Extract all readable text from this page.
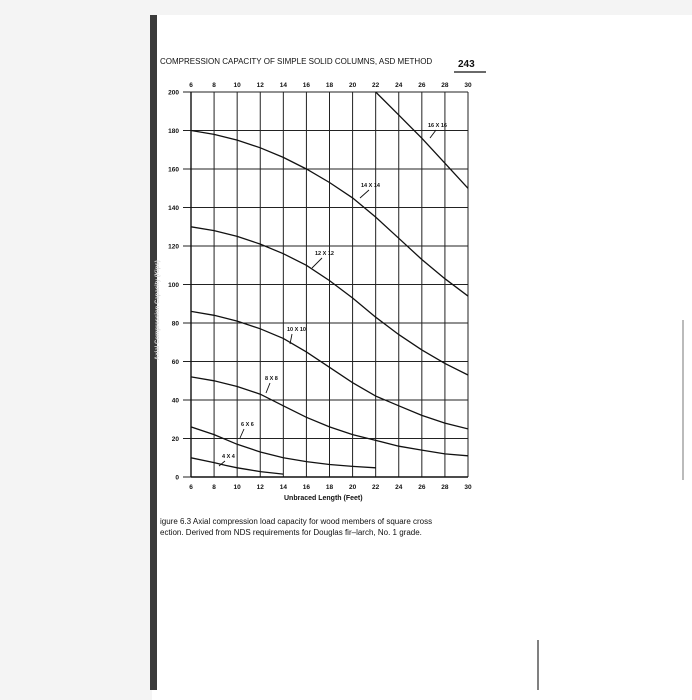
COMPRESSION CAPACITY OF SIMPLE SOLID COLUMNS, ASD METHOD	243
6	8	10 12 14 16 18 20 22 24 26 28 30
6	8	10 12 14 16 18 20 22 24 26 28 30
0
20
40
60
80
100
120
140
160
180
200
16 X 16
14 X 14
12 X 12
10 X 10
8 X 8
6 X 6
4 X 4
Unbraced Length (Feet)
Axial Compression Capacity (Kips)
igure 6.3 Axial compression load capacity for wood members of square cross
ection. Derived from NDS requirements for Douglas fir–larch, No. 1 grade.
